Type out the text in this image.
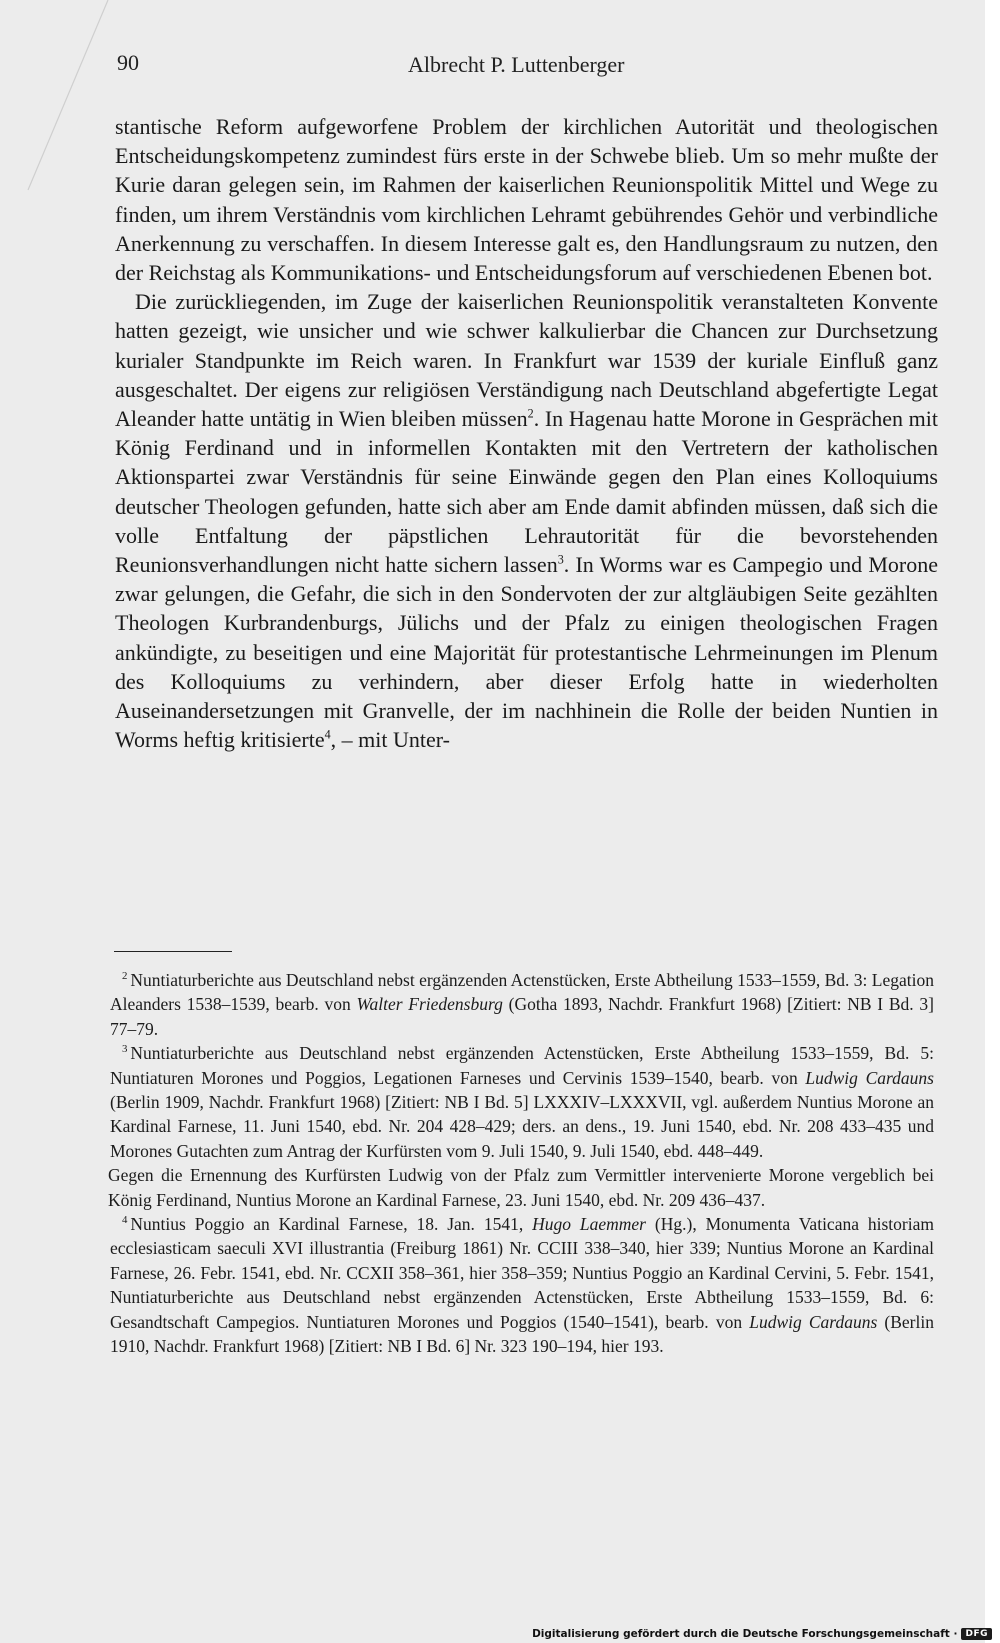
90	Albrecht P. Luttenberger

stantische Reform aufgeworfene Problem der kirchlichen Autorität und theologischen Entscheidungskompetenz zumindest fürs erste in der Schwebe blieb. Um so mehr mußte der Kurie daran gelegen sein, im Rahmen der kaiserlichen Reunionspolitik Mittel und Wege zu finden, um ihrem Verständnis vom kirchlichen Lehramt gebührendes Gehör und verbindliche Anerkennung zu verschaffen. In diesem Interesse galt es, den Handlungsraum zu nutzen, den der Reichstag als Kommunikations- und Entscheidungsforum auf verschiedenen Ebenen bot.

Die zurückliegenden, im Zuge der kaiserlichen Reunionspolitik veranstalteten Konvente hatten gezeigt, wie unsicher und wie schwer kalkulierbar die Chancen zur Durchsetzung kurialer Standpunkte im Reich waren. In Frankfurt war 1539 der kuriale Einfluß ganz ausgeschaltet. Der eigens zur religiösen Verständigung nach Deutschland abgefertigte Legat Aleander hatte untätig in Wien bleiben müssen$^2$. In Hagenau hatte Morone in Gesprächen mit König Ferdinand und in informellen Kontakten mit den Vertretern der katholischen Aktionspartei zwar Verständnis für seine Einwände gegen den Plan eines Kolloquiums deutscher Theologen gefunden, hatte sich aber am Ende damit abfinden müssen, daß sich die volle Entfaltung der päpstlichen Lehrautorität für die bevorstehenden Reunionsverhandlungen nicht hatte sichern lassen$^3$. In Worms war es Campegio und Morone zwar gelungen, die Gefahr, die sich in den Sondervoten der zur altgläubigen Seite gezählten Theologen Kurbrandenburgs, Jülichs und der Pfalz zu einigen theologischen Fragen ankündigte, zu beseitigen und eine Majorität für protestantische Lehrmeinungen im Plenum des Kolloquiums zu verhindern, aber dieser Erfolg hatte in wiederholten Auseinandersetzungen mit Granvelle, der im nachhinein die Rolle der beiden Nuntien in Worms heftig kritisierte$^4$, – mit Unter-

$^2$ Nuntiaturberichte aus Deutschland nebst ergänzenden Actenstücken, Erste Abtheilung 1533–1559, Bd. 3: Legation Aleanders 1538–1539, bearb. von Walter Friedensburg (Gotha 1893, Nachdr. Frankfurt 1968) [Zitiert: NB I Bd. 3] 77–79.

$^3$ Nuntiaturberichte aus Deutschland nebst ergänzenden Actenstücken, Erste Abtheilung 1533–1559, Bd. 5: Nuntiaturen Morones und Poggios, Legationen Farneses und Cervinis 1539–1540, bearb. von Ludwig Cardauns (Berlin 1909, Nachdr. Frankfurt 1968) [Zitiert: NB I Bd. 5] LXXXIV–LXXXVII, vgl. außerdem Nuntius Morone an Kardinal Farnese, 11. Juni 1540, ebd. Nr. 204 428–429; ders. an dens., 19. Juni 1540, ebd. Nr. 208 433–435 und Morones Gutachten zum Antrag der Kurfürsten vom 9. Juli 1540, 9. Juli 1540, ebd. 448–449.

Gegen die Ernennung des Kurfürsten Ludwig von der Pfalz zum Vermittler intervenierte Morone vergeblich bei König Ferdinand, Nuntius Morone an Kardinal Farnese, 23. Juni 1540, ebd. Nr. 209 436–437.

$^4$ Nuntius Poggio an Kardinal Farnese, 18. Jan. 1541, Hugo Laemmer (Hg.), Monumenta Vaticana historiam ecclesiasticam saeculi XVI illustrantia (Freiburg 1861) Nr. CCIII 338–340, hier 339; Nuntius Morone an Kardinal Farnese, 26. Febr. 1541, ebd. Nr. CCXII 358–361, hier 358–359; Nuntius Poggio an Kardinal Cervini, 5. Febr. 1541, Nuntiaturberichte aus Deutschland nebst ergänzenden Actenstücken, Erste Abtheilung 1533–1559, Bd. 6: Gesandtschaft Campegios. Nuntiaturen Morones und Poggios (1540–1541), bearb. von Ludwig Cardauns (Berlin 1910, Nachdr. Frankfurt 1968) [Zitiert: NB I Bd. 6] Nr. 323 190–194, hier 193.

Digitalisierung gefördert durch die Deutsche Forschungsgemeinschaft · DFG
